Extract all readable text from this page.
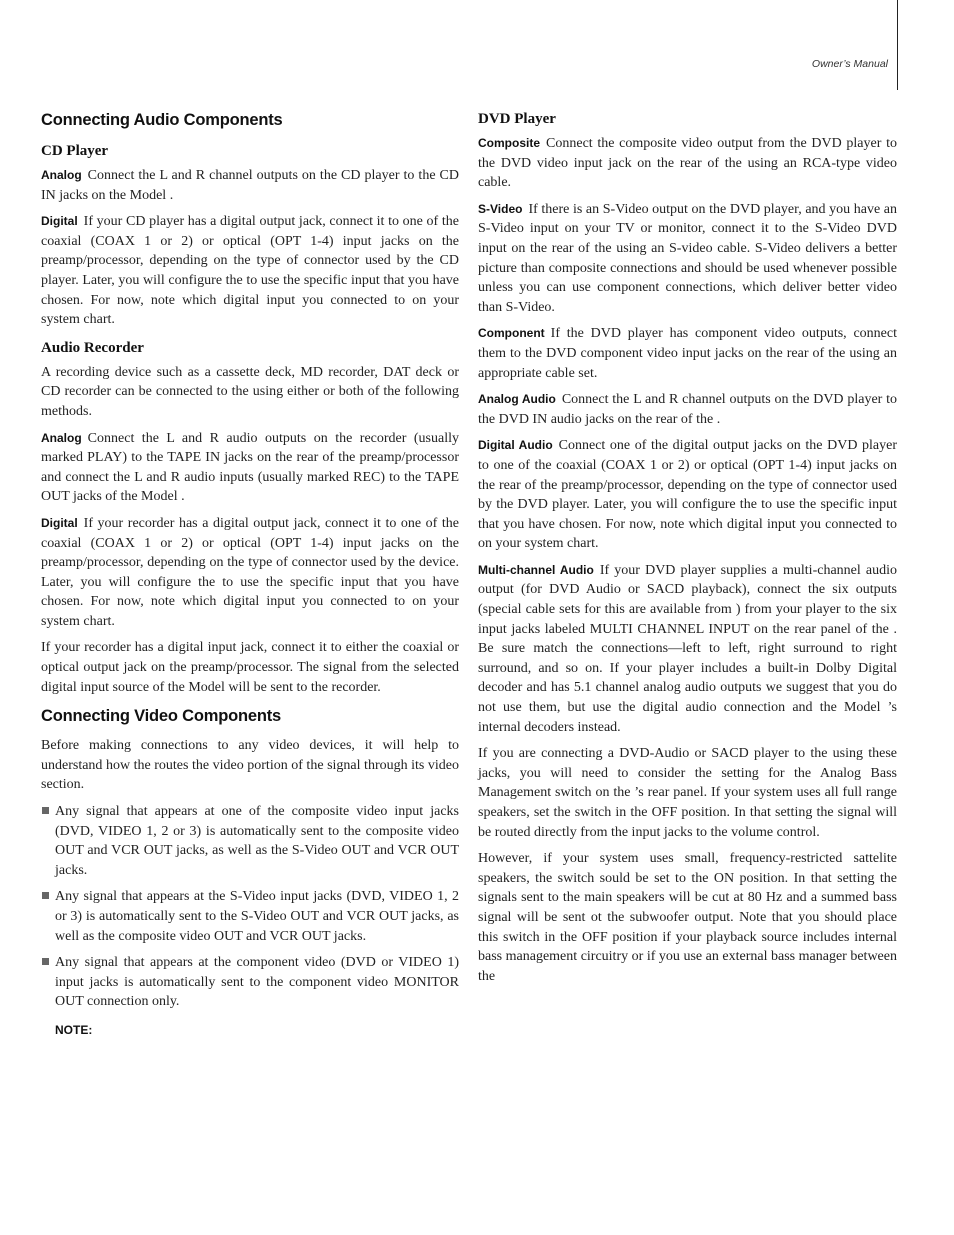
Owner’s Manual
Connecting Audio Components
CD Player

Analog Connect the L and R channel outputs on the CD player to the CD IN jacks on the Model .

Digital If your CD player has a digital output jack, connect it to one of the coaxial (COAX 1 or 2) or optical (OPT 1-4) input jacks on the preamp/processor, depending on the type of connector used by the CD player. Later, you will configure the to use the specific input that you have chosen. For now, note which digital input you connected to on your system chart.

Audio Recorder

A recording device such as a cassette deck, MD recorder, DAT deck or CD recorder can be connected to the using either or both of the following methods.

Analog Connect the L and R audio outputs on the recorder (usually marked PLAY) to the TAPE IN jacks on the rear of the preamp/processor and connect the L and R audio inputs (usually marked REC) to the TAPE OUT jacks of the Model .

Digital If your recorder has a digital output jack, connect it to one of the coaxial (COAX 1 or 2) or optical (OPT 1-4) input jacks on the preamp/processor, depending on the type of connector used by the device. Later, you will configure the to use the specific input that you have chosen. For now, note which digital input you connected to on your system chart.

If your recorder has a digital input jack, connect it to either the coaxial or optical output jack on the preamp/processor. The signal from the selected digital input source of the Model will be sent to the recorder.

Connecting Video Components

Before making connections to any video devices, it will help to understand how the routes the video portion of the signal through its video section.

Any signal that appears at one of the composite video input jacks (DVD, VIDEO 1, 2 or 3) is automatically sent to the composite video OUT and VCR OUT jacks, as well as the S-Video OUT and VCR OUT jacks.
Any signal that appears at the S-Video input jacks (DVD, VIDEO 1, 2 or 3) is automatically sent to the S-Video OUT and VCR OUT jacks, as well as the composite video OUT and VCR OUT jacks.
Any signal that appears at the component video (DVD or VIDEO 1) input jacks is automatically sent to the component video MONITOR OUT connection only.
NOTE:
DVD Player

Composite Connect the composite video output from the DVD player to the DVD video input jack on the rear of the using an RCA-type video cable.

S-Video If there is an S-Video output on the DVD player, and you have an S-Video input on your TV or monitor, connect it to the S-Video DVD input on the rear of the using an S-video cable. S-Video delivers a better picture than composite connections and should be used whenever possible unless you can use component connections, which deliver better video than S-Video.

Component If the DVD player has component video outputs, connect them to the DVD component video input jacks on the rear of the using an appropriate cable set.

Analog Audio Connect the L and R channel outputs on the DVD player to the DVD IN audio jacks on the rear of the .

Digital Audio Connect one of the digital output jacks on the DVD player to one of the coaxial (COAX 1 or 2) or optical (OPT 1-4) input jacks on the rear of the preamp/processor, depending on the type of connector used by the DVD player. Later, you will configure the to use the specific input that you have chosen. For now, note which digital input you connected to on your system chart.

Multi-channel Audio If your DVD player supplies a multi-channel audio output (for DVD Audio or SACD playback), connect the six outputs (special cable sets for this are available from ) from your player to the six input jacks labeled MULTI CHANNEL INPUT on the rear panel of the . Be sure match the connections—left to left, right surround to right surround, and so on. If your player includes a built-in Dolby Digital decoder and has 5.1 channel analog audio outputs we suggest that you do not use them, but use the digital audio connection and the Model ’s internal decoders instead.

If you are connecting a DVD-Audio or SACD player to the using these jacks, you will need to consider the setting for the Analog Bass Management switch on the ’s rear panel. If your system uses all full range speakers, set the switch in the OFF position. In that setting the signal will be routed directly from the input jacks to the volume control.

However, if your system uses small, frequency-restricted sattelite speakers, the switch sould be set to the ON position. In that setting the signals sent to the main speakers will be cut at 80 Hz and a summed bass signal will be sent ot the subwoofer output. Note that you should place this switch in the OFF position if your playback source includes internal bass management circuitry or if you use an external bass manager between the
